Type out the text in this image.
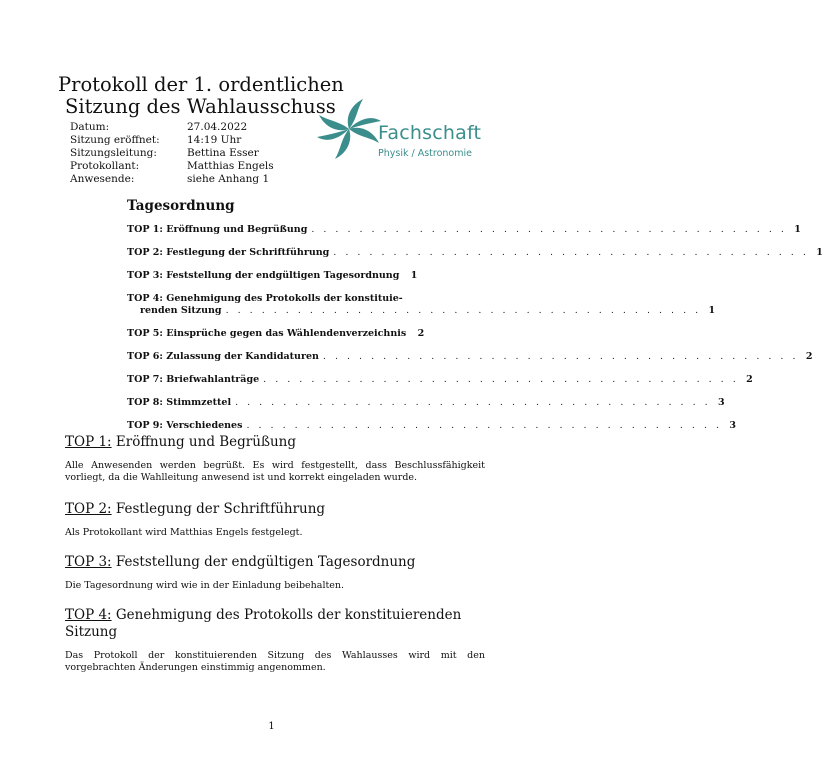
Protokoll der 1. ordentlichen
Sitzung des Wahlausschuss
Datum:	27.04.2022
Sitzung eröffnet:	14:19 Uhr
Sitzungsleitung:	Bettina Esser
Protokollant:	Matthias Engels
Anwesende:	siehe Anhang 1
Fachschaft
Physik / Astronomie
Tagesordnung
TOP 1: Eröffnung und Begrüßung . . . . . . . . . . . . . . . . . . . . . . . . . . . . . . . . . . . . . . . . 1
TOP 2: Festlegung der Schriftführung . . . . . . . . . . . . . . . . . . . . . . . . . . . . . . . . . . . . . . . . 1
TOP 3: Feststellung der endgültigen Tagesordnung	1
TOP 4: Genehmigung des Protokolls der konstituie-
renden Sitzung . . . . . . . . . . . . . . . . . . . . . . . . . . . . . . . . . . . . . . . . 1
TOP 5: Einsprüche gegen das Wählendenverzeichnis	2
TOP 6: Zulassung der Kandidaturen . . . . . . . . . . . . . . . . . . . . . . . . . . . . . . . . . . . . . . . . 2
TOP 7: Briefwahlanträge . . . . . . . . . . . . . . . . . . . . . . . . . . . . . . . . . . . . . . . . 2
TOP 8: Stimmzettel . . . . . . . . . . . . . . . . . . . . . . . . . . . . . . . . . . . . . . . . 3
TOP 9: Verschiedenes . . . . . . . . . . . . . . . . . . . . . . . . . . . . . . . . . . . . . . . . 3
TOP 1: Eröffnung und Begrüßung

Alle Anwesenden werden begrüßt. Es wird festgestellt, dass Beschlussfähigkeit vorliegt, da die Wahlleitung anwesend ist und korrekt eingeladen wurde.

TOP 2: Festlegung der Schriftführung

Als Protokollant wird Matthias Engels festgelegt.

TOP 3: Feststellung der endgültigen Tagesordnung

Die Tagesordnung wird wie in der Einladung beibehalten.

TOP 4: Genehmigung des Protokolls der konstituierenden Sitzung

Das Protokoll der konstituierenden Sitzung des Wahlausses wird mit den vorgebrachten Änderungen einstimmig angenommen.

1
